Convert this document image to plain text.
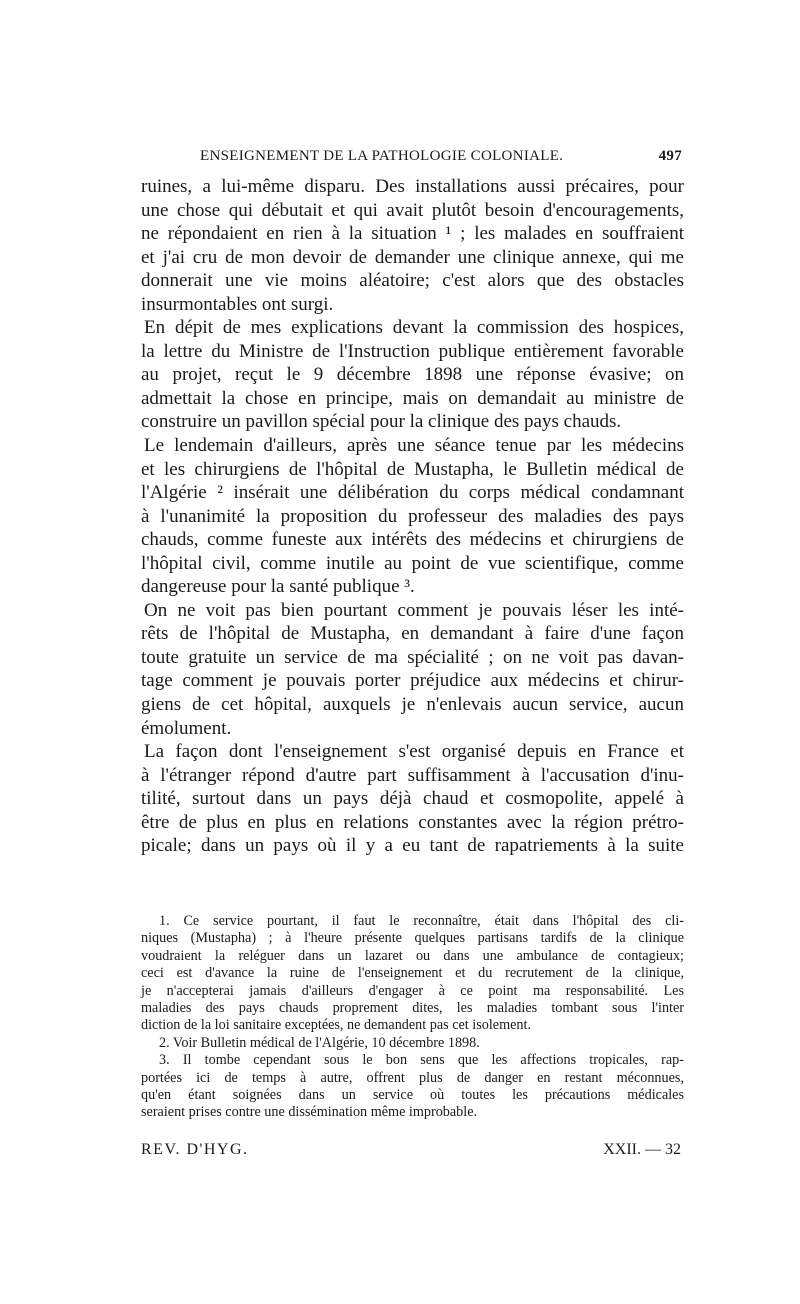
ENSEIGNEMENT DE LA PATHOLOGIE COLONIALE.	497

ruines, a lui-même disparu. Des installations aussi précaires, pour
une chose qui débutait et qui avait plutôt besoin d'encouragements,
ne répondaient en rien à la situation ¹ ; les malades en souffraient
et j'ai cru de mon devoir de demander une clinique annexe, qui me
donnerait une vie moins aléatoire; c'est alors que des obstacles
insurmontables ont surgi.

En dépit de mes explications devant la commission des hospices,
la lettre du Ministre de l'Instruction publique entièrement favorable
au projet, reçut le 9 décembre 1898 une réponse évasive; on
admettait la chose en principe, mais on demandait au ministre de
construire un pavillon spécial pour la clinique des pays chauds.

Le lendemain d'ailleurs, après une séance tenue par les médecins
et les chirurgiens de l'hôpital de Mustapha, le Bulletin médical de
l'Algérie ² insérait une délibération du corps médical condamnant
à l'unanimité la proposition du professeur des maladies des pays
chauds, comme funeste aux intérêts des médecins et chirurgiens de
l'hôpital civil, comme inutile au point de vue scientifique, comme
dangereuse pour la santé publique ³.

On ne voit pas bien pourtant comment je pouvais léser les inté-
rêts de l'hôpital de Mustapha, en demandant à faire d'une façon
toute gratuite un service de ma spécialité ; on ne voit pas davan-
tage comment je pouvais porter préjudice aux médecins et chirur-
giens de cet hôpital, auxquels je n'enlevais aucun service, aucun
émolument.

La façon dont l'enseignement s'est organisé depuis en France et
à l'étranger répond d'autre part suffisamment à l'accusation d'inu-
tilité, surtout dans un pays déjà chaud et cosmopolite, appelé à
être de plus en plus en relations constantes avec la région prétro-
picale; dans un pays où il y a eu tant de rapatriements à la suite

1. Ce service pourtant, il faut le reconnaître, était dans l'hôpital des cli-
niques (Mustapha) ; à l'heure présente quelques partisans tardifs de la clinique
voudraient la reléguer dans un lazaret ou dans une ambulance de contagieux;
ceci est d'avance la ruine de l'enseignement et du recrutement de la clinique,
je n'accepterai jamais d'ailleurs d'engager à ce point ma responsabilité. Les
maladies des pays chauds proprement dites, les maladies tombant sous l'inter
diction de la loi sanitaire exceptées, ne demandent pas cet isolement.

2. Voir Bulletin médical de l'Algérie, 10 décembre 1898.

3. Il tombe cependant sous le bon sens que les affections tropicales, rap-
portées ici de temps à autre, offrent plus de danger en restant méconnues,
qu'en étant soignées dans un service où toutes les précautions médicales
seraient prises contre une dissémination même improbable.

REV. D'HYG.	XXII. — 32
